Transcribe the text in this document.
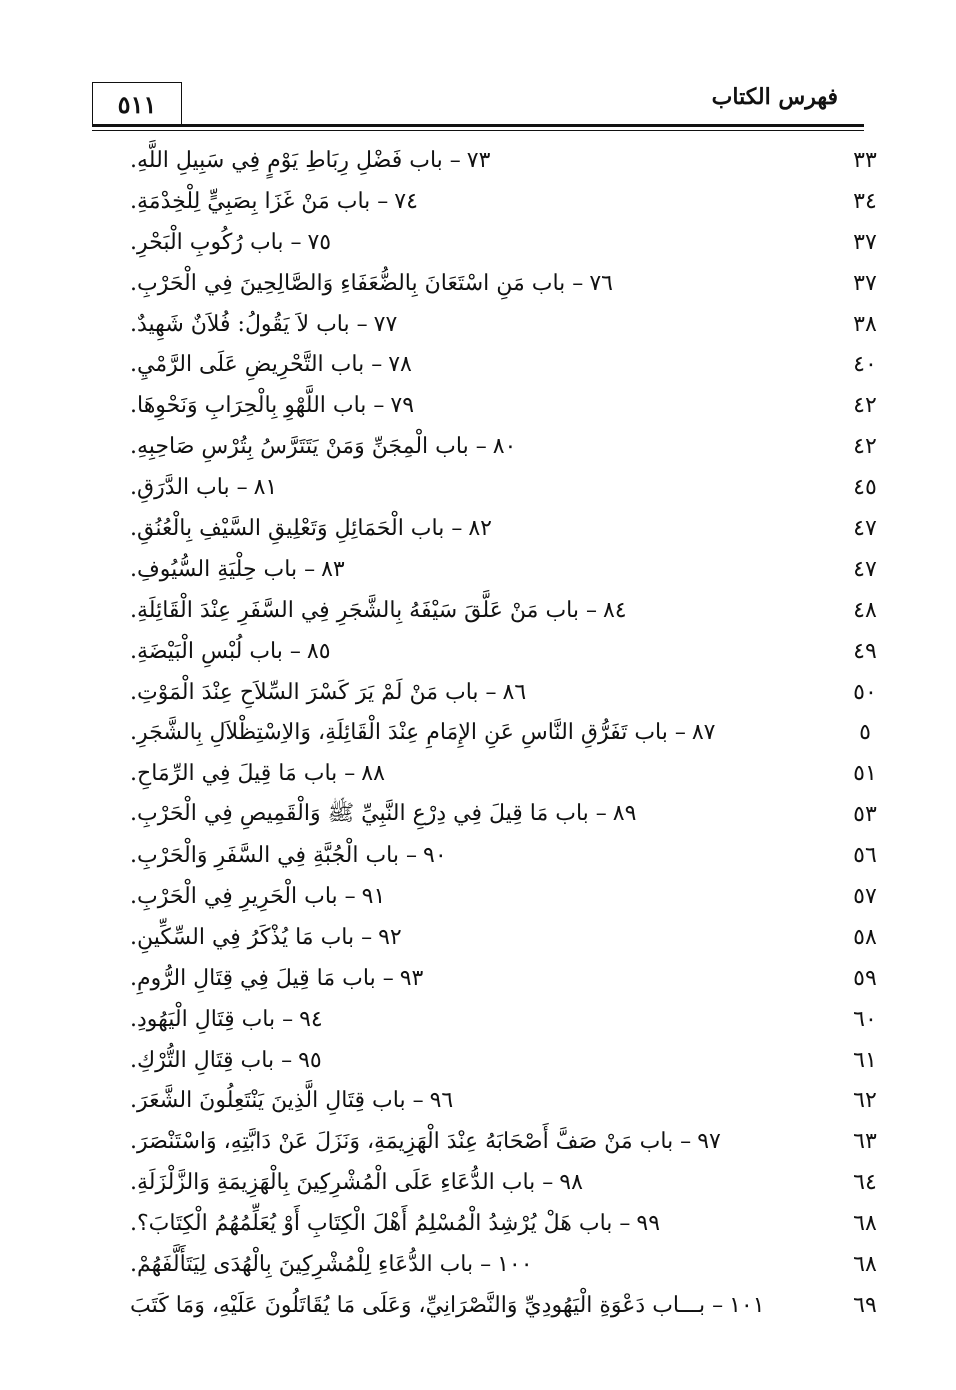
٥١١	فهرس الكتاب
٧٣– باب فَضْلِ رِبَاطِ يَوْمٍ فِي سَبِيلِ اللَّهِ.	٣٣
٧٤– باب مَنْ غَزَا بِصَبِيٍّ لِلْخِدْمَةِ.	٣٤
٧٥– باب رُكُوبِ الْبَحْرِ.	٣٧
٧٦– باب مَنِ اسْتَعَانَ بِالضُّعَفَاءِ وَالصَّالِحِينَ فِي الْحَرْبِ.	٣٧
٧٧– باب لاَ يَقُولُ: فُلاَنٌ شَهِيدٌ.	٣٨
٧٨– باب التَّحْرِيضِ عَلَى الرَّمْيِ.	٤٠
٧٩– باب اللَّهْوِ بِالْحِرَابِ وَنَحْوِهَا.	٤٢
٨٠– باب الْمِجَنِّ وَمَنْ يَتَتَرَّسُ بِتُرْسِ صَاحِبِهِ.	٤٢
٨١– باب الدَّرَقِ.	٤٥
٨٢– باب الْحَمَائِلِ وَتَعْلِيقِ السَّيْفِ بِالْعُنُقِ.	٤٧
٨٣– باب حِلْيَةِ السُّيُوفِ.	٤٧
٨٤– باب مَنْ عَلَّقَ سَيْفَهُ بِالشَّجَرِ فِي السَّفَرِ عِنْدَ الْقَائِلَةِ.	٤٨
٨٥– باب لُبْسِ الْبَيْضَةِ.	٤٩
٨٦– باب مَنْ لَمْ يَرَ كَسْرَ السِّلاَحِ عِنْدَ الْمَوْتِ.	٥٠
٨٧– باب تَفَرُّقِ النَّاسِ عَنِ الإِمَامِ عِنْدَ الْقَائِلَةِ، وَالاِسْتِظْلاَلِ بِالشَّجَرِ.	٥
٨٨– باب مَا قِيلَ فِي الرِّمَاحِ.	٥١
٨٩– باب مَا قِيلَ فِي دِرْعِ النَّبِيِّ ﷺ وَالْقَمِيصِ فِي الْحَرْبِ.	٥٣
٩٠– باب الْجُبَّةِ فِي السَّفَرِ وَالْحَرْبِ.	٥٦
٩١– باب الْحَرِيرِ فِي الْحَرْبِ.	٥٧
٩٢– باب مَا يُذْكَرُ فِي السِّكِّينِ.	٥٨
٩٣– باب مَا قِيلَ فِي قِتَالِ الرُّومِ.	٥٩
٩٤– باب قِتَالِ الْيَهُودِ.	٦٠
٩٥– باب قِتَالِ التُّرْكِ.	٦١
٩٦– باب قِتَالِ الَّذِينَ يَنْتَعِلُونَ الشَّعَرَ.	٦٢
٩٧– باب مَنْ صَفَّ أَصْحَابَهُ عِنْدَ الْهَزِيمَةِ، وَنَزَلَ عَنْ دَابَّتِهِ، وَاسْتَنْصَرَ.	٦٣
٩٨– باب الدُّعَاءِ عَلَى الْمُشْرِكِينَ بِالْهَزِيمَةِ وَالزَّلْزَلَةِ.	٦٤
٩٩– باب هَلْ يُرْشِدُ الْمُسْلِمُ أَهْلَ الْكِتَابِ أَوْ يُعَلِّمُهُمُ الْكِتَابَ؟.	٦٨
١٠٠– باب الدُّعَاءِ لِلْمُشْرِكِينَ بِالْهُدَى لِيَتَأَلَّفَهُمْ.	٦٨
١٠١– بـــاب دَعْوَةِ الْيَهُودِيِّ وَالنَّصْرَانِيِّ، وَعَلَى مَا يُقَاتَلُونَ عَلَيْهِ، وَمَا كَتَبَ	٦٩
